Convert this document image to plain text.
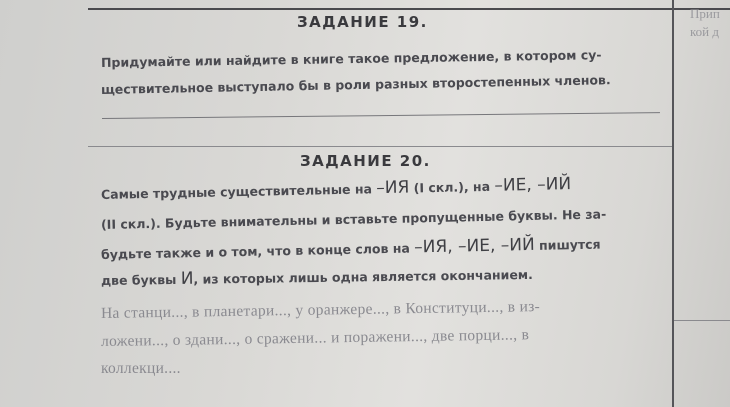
Прип
кой д
ЗАДАНИЕ 19.
Придумайте или найдите в книге такое предложение, в котором су-
ществительное выступало бы в роли разных второстепенных членов.
ЗАДАНИЕ 20.
Самые трудные существительные на –ИЯ (I скл.), на –ИЕ, –ИЙ
(II скл.). Будьте внимательны и вставьте пропущенные буквы. Не за-
будьте также и о том, что в конце слов на –ИЯ, –ИЕ, –ИЙ пишутся
две буквы И, из которых лишь одна является окончанием.
На станци..., в планетари..., у оранжере..., в Конституци..., в из-
ложени..., о здани..., о сражени... и поражени..., две порци..., в
коллекци....
